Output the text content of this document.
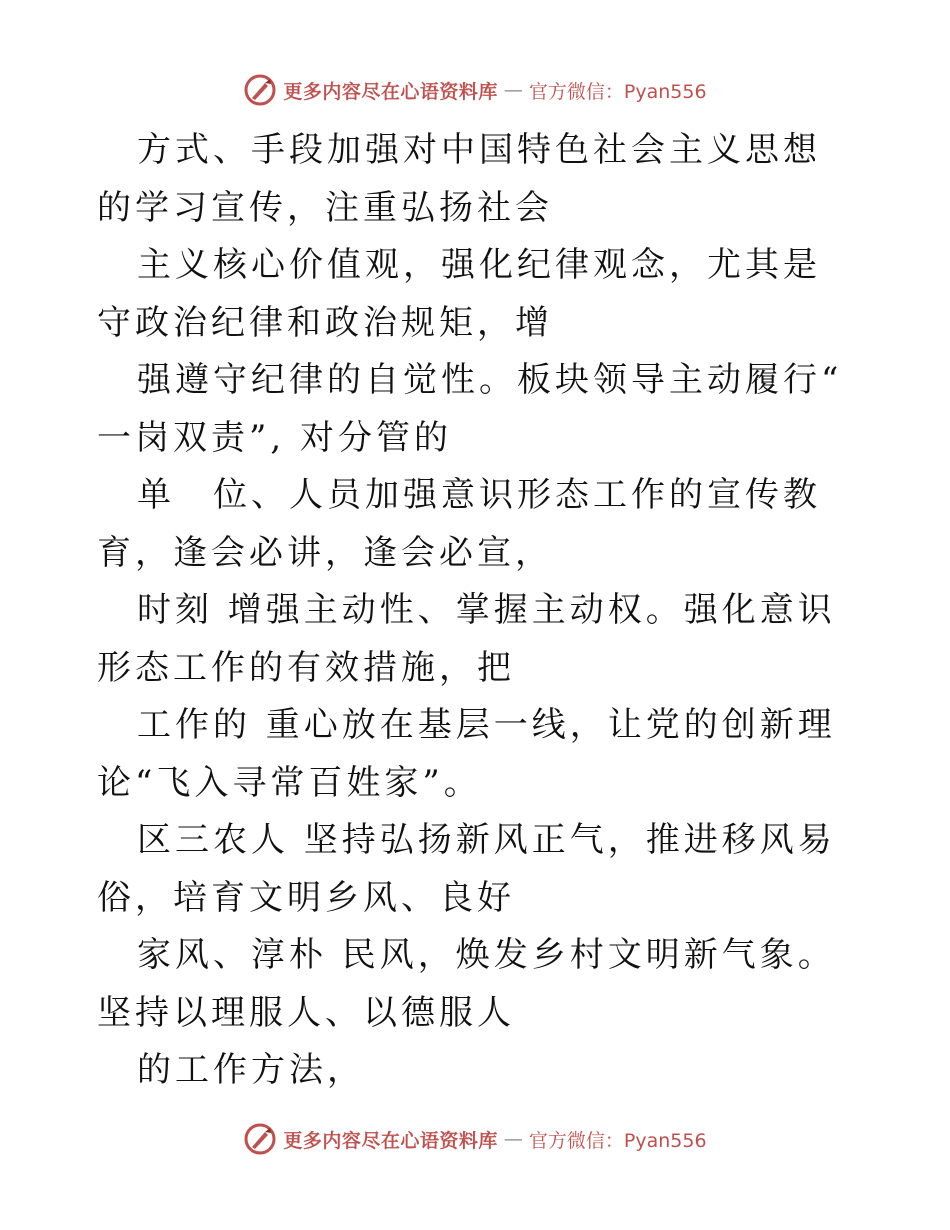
更多内容尽在心语资料库 — 官方微信：Pyan556

方式、手段加强对中国特色社会主义思想的学习宣传，注重弘扬社会

主义核心价值观，强化纪律观念，尤其是守政治纪律和政治规矩，增

强遵守纪律的自觉性。板块领导主动履行“ 一岗双责”, 对分管的

单　位、人员加强意识形态工作的宣传教育，逢会必讲，逢会必宣，

时刻 增强主动性、掌握主动权。强化意识形态工作的有效措施，把

工作的 重心放在基层一线，让党的创新理 论“飞入寻常百姓家”。

区三农人 坚持弘扬新风正气，推进移风易俗，培育文明乡风、良好

家风、淳朴 民风，焕发乡村文明新气象。坚持以理服人、以德服人

的工作方法，

更多内容尽在心语资料库 — 官方微信：Pyan556
